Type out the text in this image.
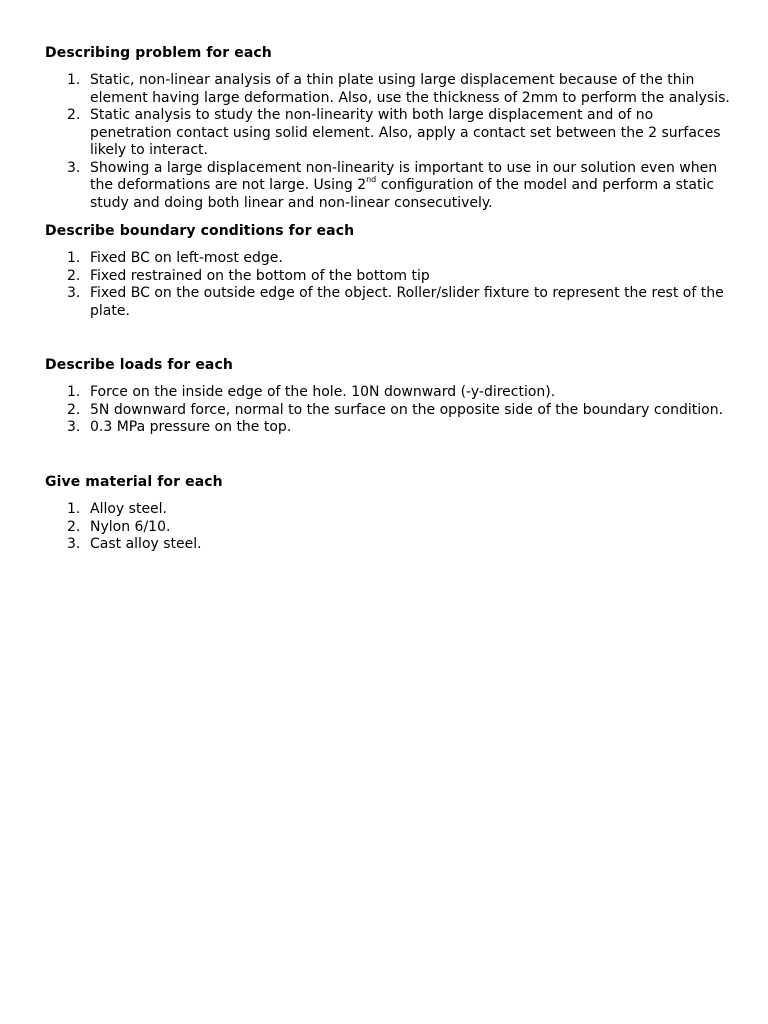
Describing problem for each
1. Static, non-linear analysis of a thin plate using large displacement because of the thin element having large deformation. Also, use the thickness of 2mm to perform the analysis.
2. Static analysis to study the non-linearity with both large displacement and of no penetration contact using solid element. Also, apply a contact set between the 2 surfaces likely to interact.
3. Showing a large displacement non-linearity is important to use in our solution even when the deformations are not large. Using 2nd configuration of the model and perform a static study and doing both linear and non-linear consecutively.
Describe boundary conditions for each
1. Fixed BC on left-most edge.
2. Fixed restrained on the bottom of the bottom tip
3. Fixed BC on the outside edge of the object. Roller/slider fixture to represent the rest of the plate.
Describe loads for each
1. Force on the inside edge of the hole. 10N downward (-y-direction).
2. 5N downward force, normal to the surface on the opposite side of the boundary condition.
3. 0.3 MPa pressure on the top.
Give material for each
1. Alloy steel.
2. Nylon 6/10.
3. Cast alloy steel.
